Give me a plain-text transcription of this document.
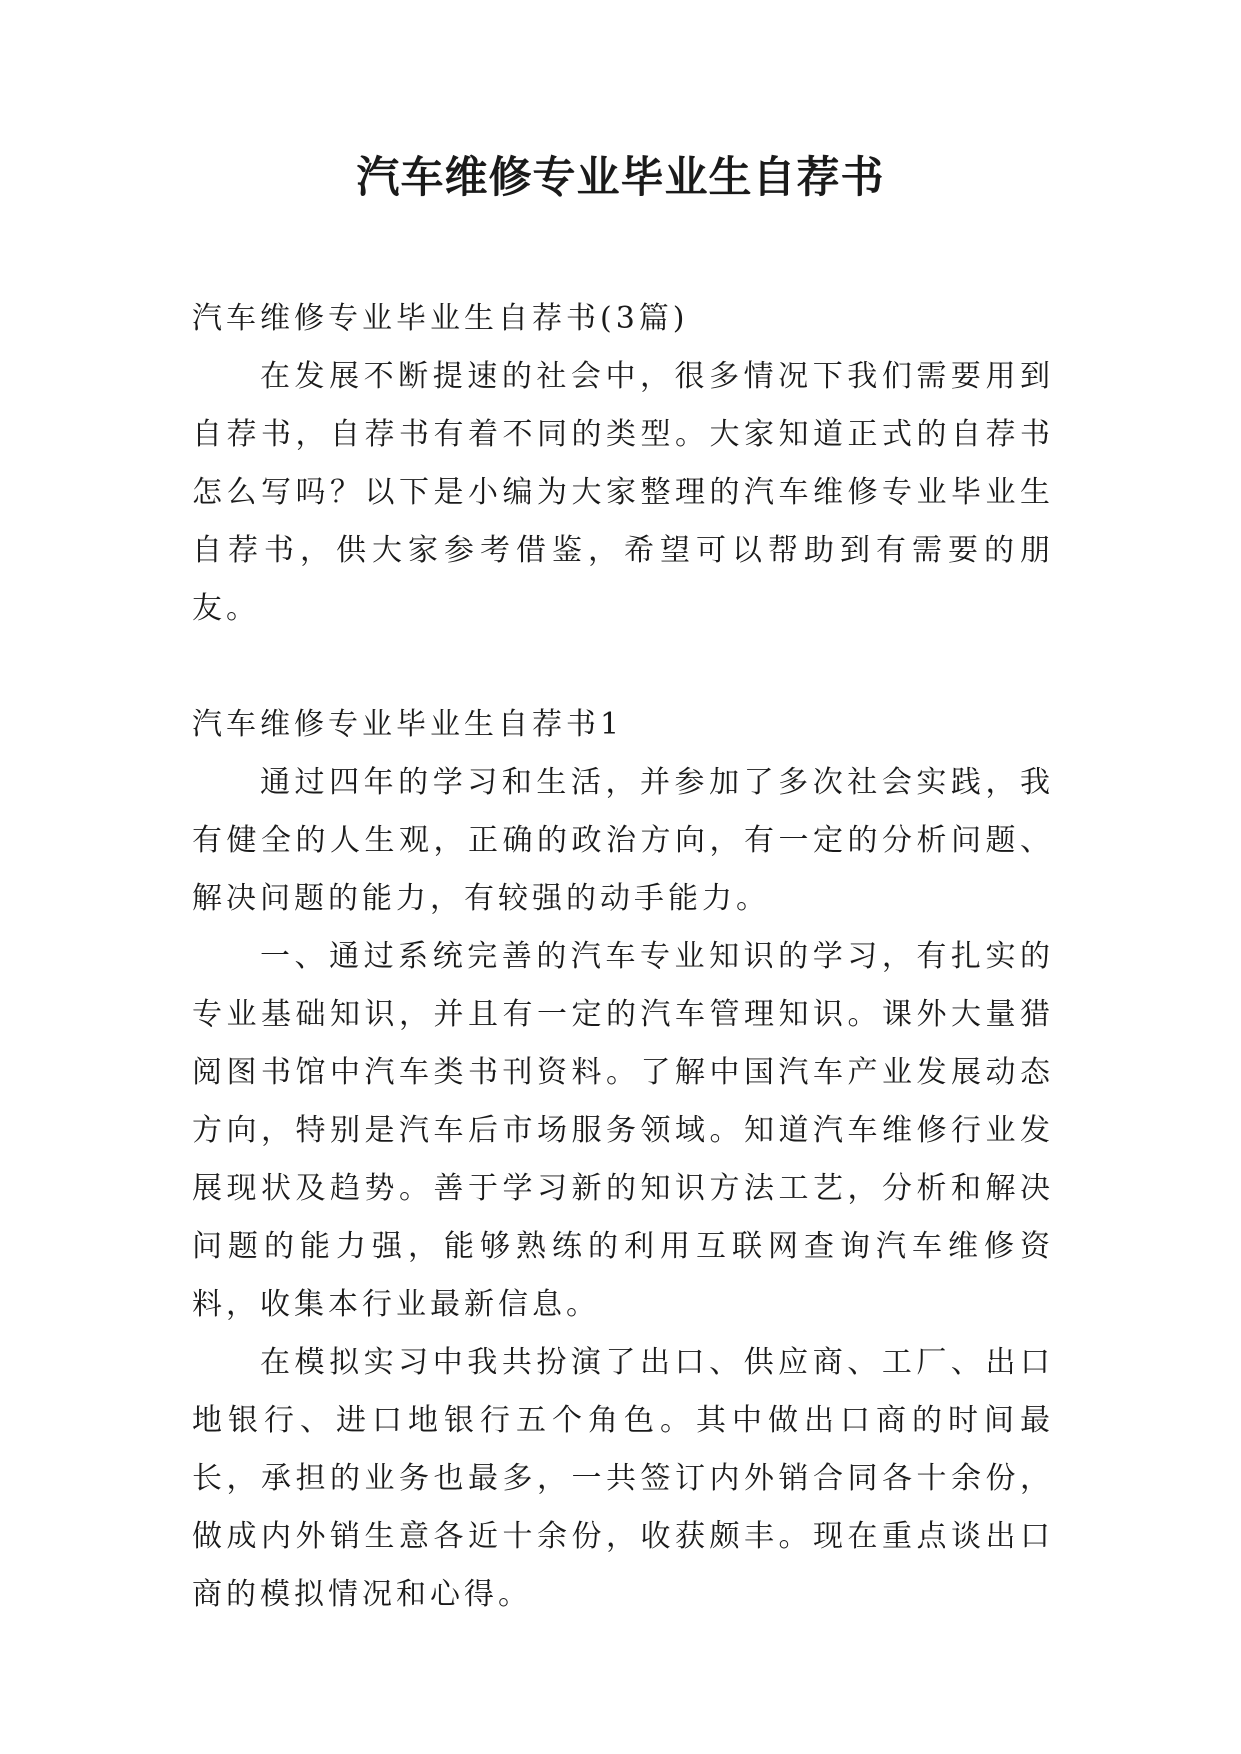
汽车维修专业毕业生自荐书

汽车维修专业毕业生自荐书(3篇)

在发展不断提速的社会中，很多情况下我们需要用到自荐书，自荐书有着不同的类型。大家知道正式的自荐书怎么写吗？以下是小编为大家整理的汽车维修专业毕业生自荐书，供大家参考借鉴，希望可以帮助到有需要的朋友。

汽车维修专业毕业生自荐书1

通过四年的学习和生活，并参加了多次社会实践，我有健全的人生观，正确的政治方向，有一定的分析问题、解决问题的能力，有较强的动手能力。

一、通过系统完善的汽车专业知识的学习，有扎实的专业基础知识，并且有一定的汽车管理知识。课外大量猎阅图书馆中汽车类书刊资料。了解中国汽车产业发展动态方向，特别是汽车后市场服务领域。知道汽车维修行业发展现状及趋势。善于学习新的知识方法工艺，分析和解决问题的能力强，能够熟练的利用互联网查询汽车维修资料，收集本行业最新信息。

在模拟实习中我共扮演了出口、供应商、工厂、出口地银行、进口地银行五个角色。其中做出口商的时间最长，承担的业务也最多，一共签订内外销合同各十余份，做成内外销生意各近十余份，收获颇丰。现在重点谈出口商的模拟情况和心得。
